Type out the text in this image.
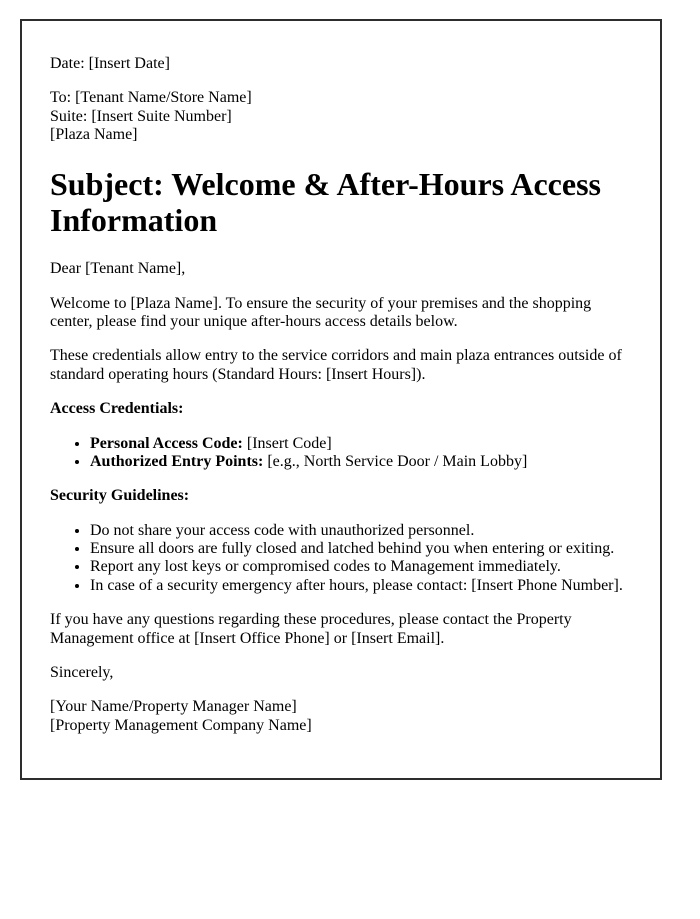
Date: [Insert Date]

To: [Tenant Name/Store Name]
Suite: [Insert Suite Number]
[Plaza Name]

Subject: Welcome & After-Hours Access Information

Dear [Tenant Name],

Welcome to [Plaza Name]. To ensure the security of your premises and the shopping center, please find your unique after-hours access details below.

These credentials allow entry to the service corridors and main plaza entrances outside of standard operating hours (Standard Hours: [Insert Hours]).

Access Credentials:

• Personal Access Code: [Insert Code]
• Authorized Entry Points: [e.g., North Service Door / Main Lobby]

Security Guidelines:

• Do not share your access code with unauthorized personnel.
• Ensure all doors are fully closed and latched behind you when entering or exiting.
• Report any lost keys or compromised codes to Management immediately.
• In case of a security emergency after hours, please contact: [Insert Phone Number].

If you have any questions regarding these procedures, please contact the Property Management office at [Insert Office Phone] or [Insert Email].

Sincerely,

[Your Name/Property Manager Name]
[Property Management Company Name]
